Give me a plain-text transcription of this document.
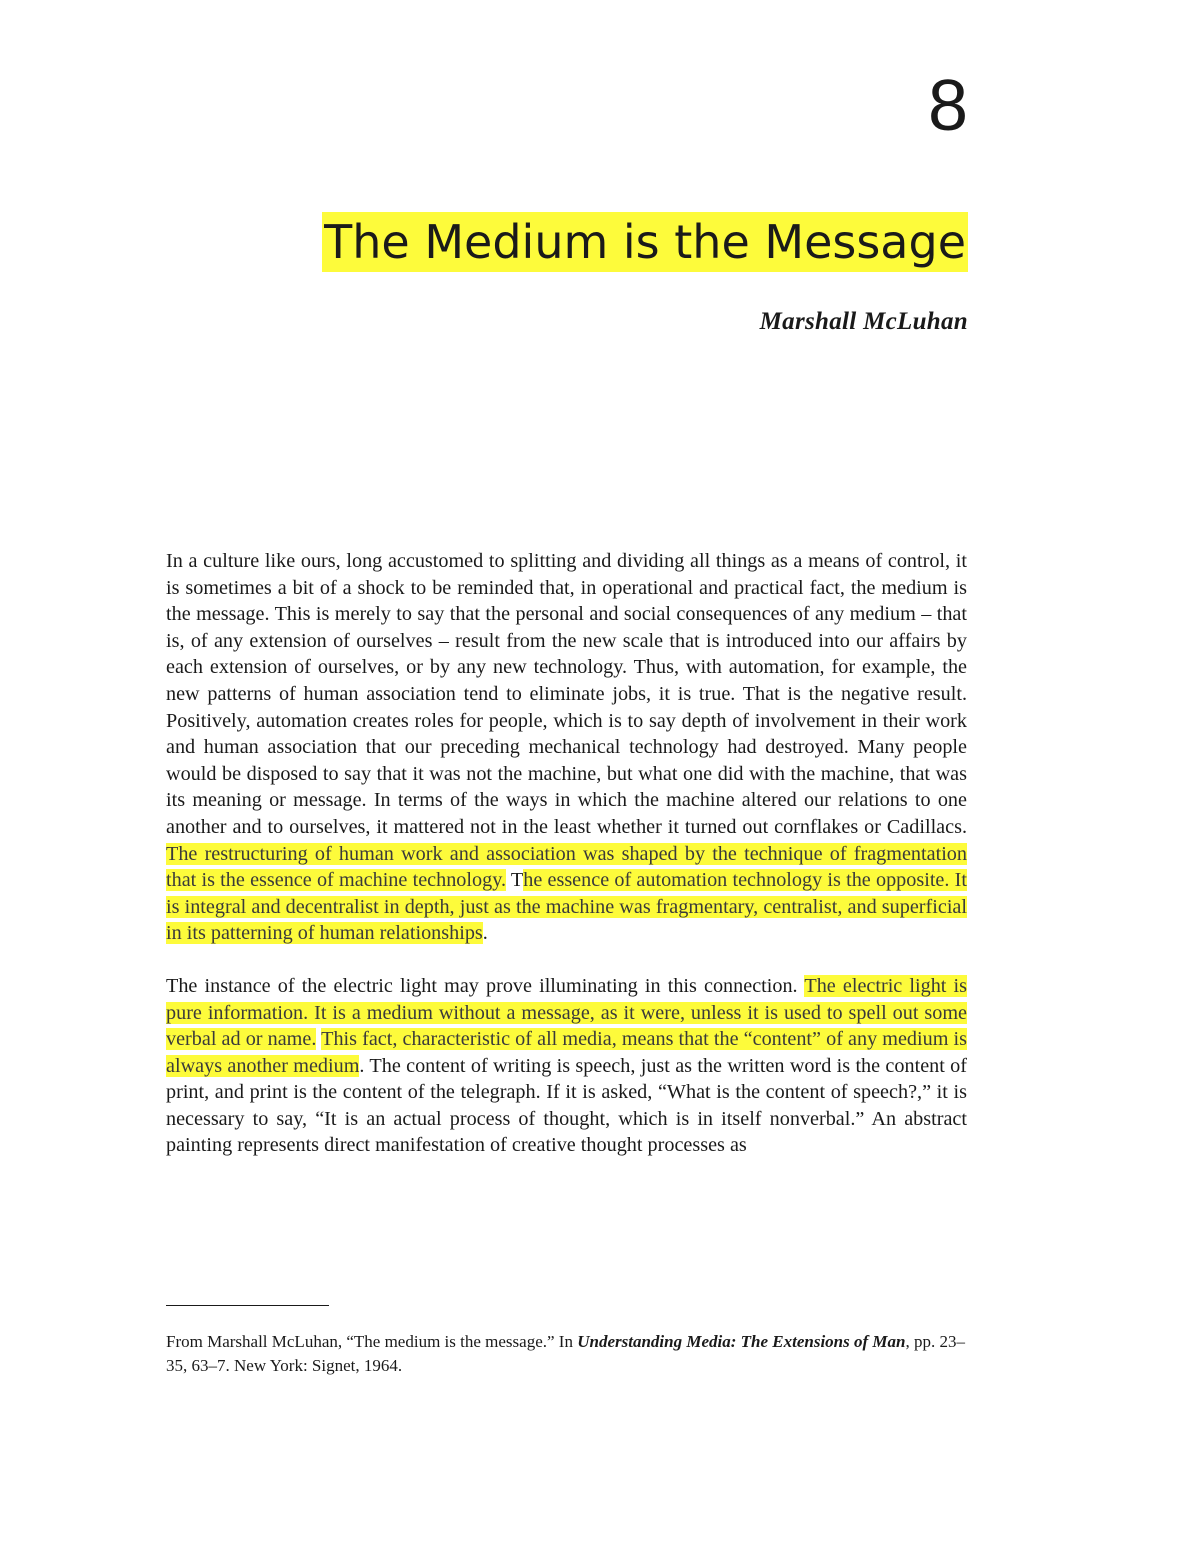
8
The Medium is the Message
Marshall McLuhan

In a culture like ours, long accustomed to splitting and dividing all things as a means of control, it is sometimes a bit of a shock to be reminded that, in operational and practical fact, the medium is the message. This is merely to say that the personal and social consequences of any medium – that is, of any extension of ourselves – result from the new scale that is introduced into our affairs by each extension of ourselves, or by any new technology. Thus, with automation, for example, the new patterns of human association tend to eliminate jobs, it is true. That is the negative result. Positively, automation creates roles for people, which is to say depth of involvement in their work and human association that our preceding mechanical technology had destroyed. Many people would be disposed to say that it was not the machine, but what one did with the machine, that was its meaning or message. In terms of the ways in which the machine altered our relations to one another and to ourselves, it mattered not in the least whether it turned out cornflakes or Cadillacs. The restructuring of human work and association was shaped by the technique of fragmentation that is the essence of machine technology. The essence of automation technology is the opposite. It is integral and decentralist in depth, just as the machine was fragmentary, centralist, and superficial in its patterning of human relationships.

The instance of the electric light may prove illuminating in this connection. The electric light is pure information. It is a medium without a message, as it were, unless it is used to spell out some verbal ad or name. This fact, characteristic of all media, means that the “content” of any medium is always another medium. The content of writing is speech, just as the written word is the content of print, and print is the content of the telegraph. If it is asked, “What is the content of speech?,” it is necessary to say, “It is an actual process of thought, which is in itself nonverbal.” An abstract painting represents direct manifestation of creative thought processes as

From Marshall McLuhan, “The medium is the message.” In Understanding Media: The Extensions of Man, pp. 23–35, 63–7. New York: Signet, 1964.
